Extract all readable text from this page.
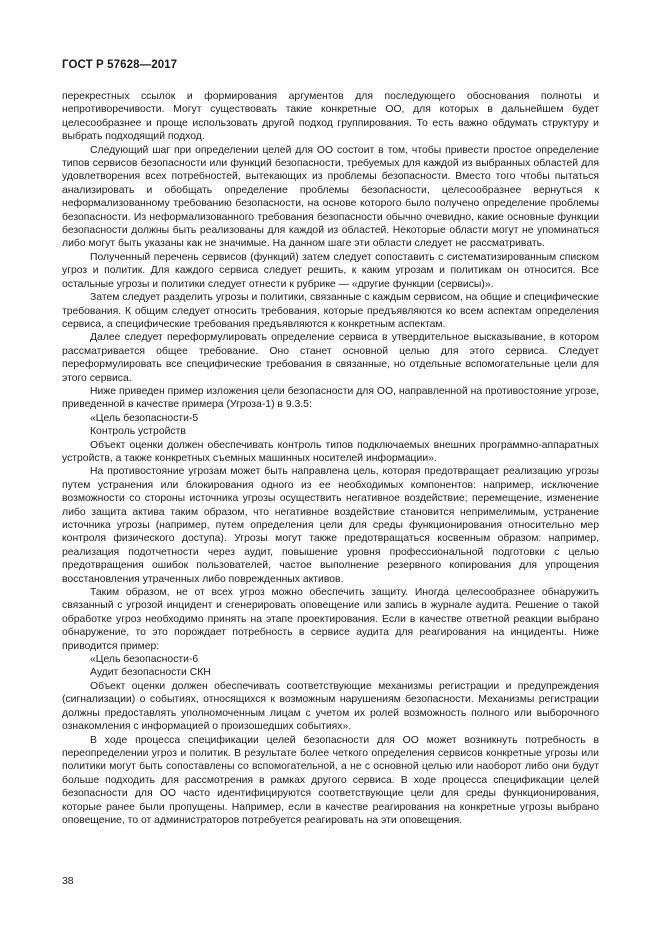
ГОСТ Р 57628—2017

перекрестных ссылок и формирования аргументов для последующего обоснования полноты и непротиворечивости. Могут существовать такие конкретные ОО, для которых в дальнейшем будет целесообразнее и проще использовать другой подход группирования. То есть важно обдумать структуру и выбрать подходящий подход.

Следующий шаг при определении целей для ОО состоит в том, чтобы привести простое определение типов сервисов безопасности или функций безопасности, требуемых для каждой из выбранных областей для удовлетворения всех потребностей, вытекающих из проблемы безопасности. Вместо того чтобы пытаться анализировать и обобщать определение проблемы безопасности, целесообразнее вернуться к неформализованному требованию безопасности, на основе которого было получено определение проблемы безопасности. Из неформализованного требования безопасности обычно очевидно, какие основные функции безопасности должны быть реализованы для каждой из областей. Некоторые области могут не упоминаться либо могут быть указаны как не значимые. На данном шаге эти области следует не рассматривать.

Полученный перечень сервисов (функций) затем следует сопоставить с систематизированным списком угроз и политик. Для каждого сервиса следует решить, к каким угрозам и политикам он относится. Все остальные угрозы и политики следует отнести к рубрике — «другие функции (сервисы)».

Затем следует разделить угрозы и политики, связанные с каждым сервисом, на общие и специфические требования. К общим следует относить требования, которые предъявляются ко всем аспектам определения сервиса, а специфические требования предъявляются к конкретным аспектам.

Далее следует переформулировать определение сервиса в утвердительное высказывание, в котором рассматривается общее требование. Оно станет основной целью для этого сервиса. Следует переформулировать все специфические требования в связанные, но отдельные вспомогательные цели для этого сервиса.

Ниже приведен пример изложения цели безопасности для ОО, направленной на противостояние угрозе, приведенной в качестве примера (Угроза-1) в 9.3.5:

«Цель безопасности-5

Контроль устройств

Объект оценки должен обеспечивать контроль типов подключаемых внешних программно-аппаратных устройств, а также конкретных съемных машинных носителей информации».

На противостояние угрозам может быть направлена цель, которая предотвращает реализацию угрозы путем устранения или блокирования одного из ее необходимых компонентов: например, исключение возможности со стороны источника угрозы осуществить негативное воздействие; перемещение, изменение либо защита актива таким образом, что негативное воздействие становится непримелимым, устранение источника угрозы (например, путем определения цели для среды функционирования относительно мер контроля физического доступа). Угрозы могут также предотвращаться косвенным образом: например, реализация подотчетности через аудит, повышение уровня профессиональной подготовки с целью предотвращения ошибок пользователей, частое выполнение резервного копирования для упрощения восстановления утраченных либо поврежденных активов.

Таким образом, не от всех угроз можно обеспечить защиту. Иногда целесообразнее обнаружить связанный с угрозой инцидент и сгенерировать оповещение или запись в журнале аудита. Решение о такой обработке угроз необходимо принять на этапе проектирования. Если в качестве ответной реакции выбрано обнаружение, то это порождает потребность в сервисе аудита для реагирования на инциденты. Ниже приводится пример:

«Цель безопасности-6

Аудит безопасности СКН

Объект оценки должен обеспечивать соответствующие механизмы регистрации и предупреждения (сигнализации) о событиях, относящихся к возможным нарушениям безопасности. Механизмы регистрации должны предоставлять уполномоченным лицам с учетом их ролей возможность полного или выборочного ознакомления с информацией о произошедших событиях».

В ходе процесса спецификации целей безопасности для ОО может возникнуть потребность в переопределении угроз и политик. В результате более четкого определения сервисов конкретные угрозы или политики могут быть сопоставлены со вспомогательной, а не с основной целью или наоборот либо они будут больше подходить для рассмотрения в рамках другого сервиса. В ходе процесса спецификации целей безопасности для ОО часто идентифицируются соответствующие цели для среды функционирования, которые ранее были пропущены. Например, если в качестве реагирования на конкретные угрозы выбрано оповещение, то от администраторов потребуется реагировать на эти оповещения.

38
